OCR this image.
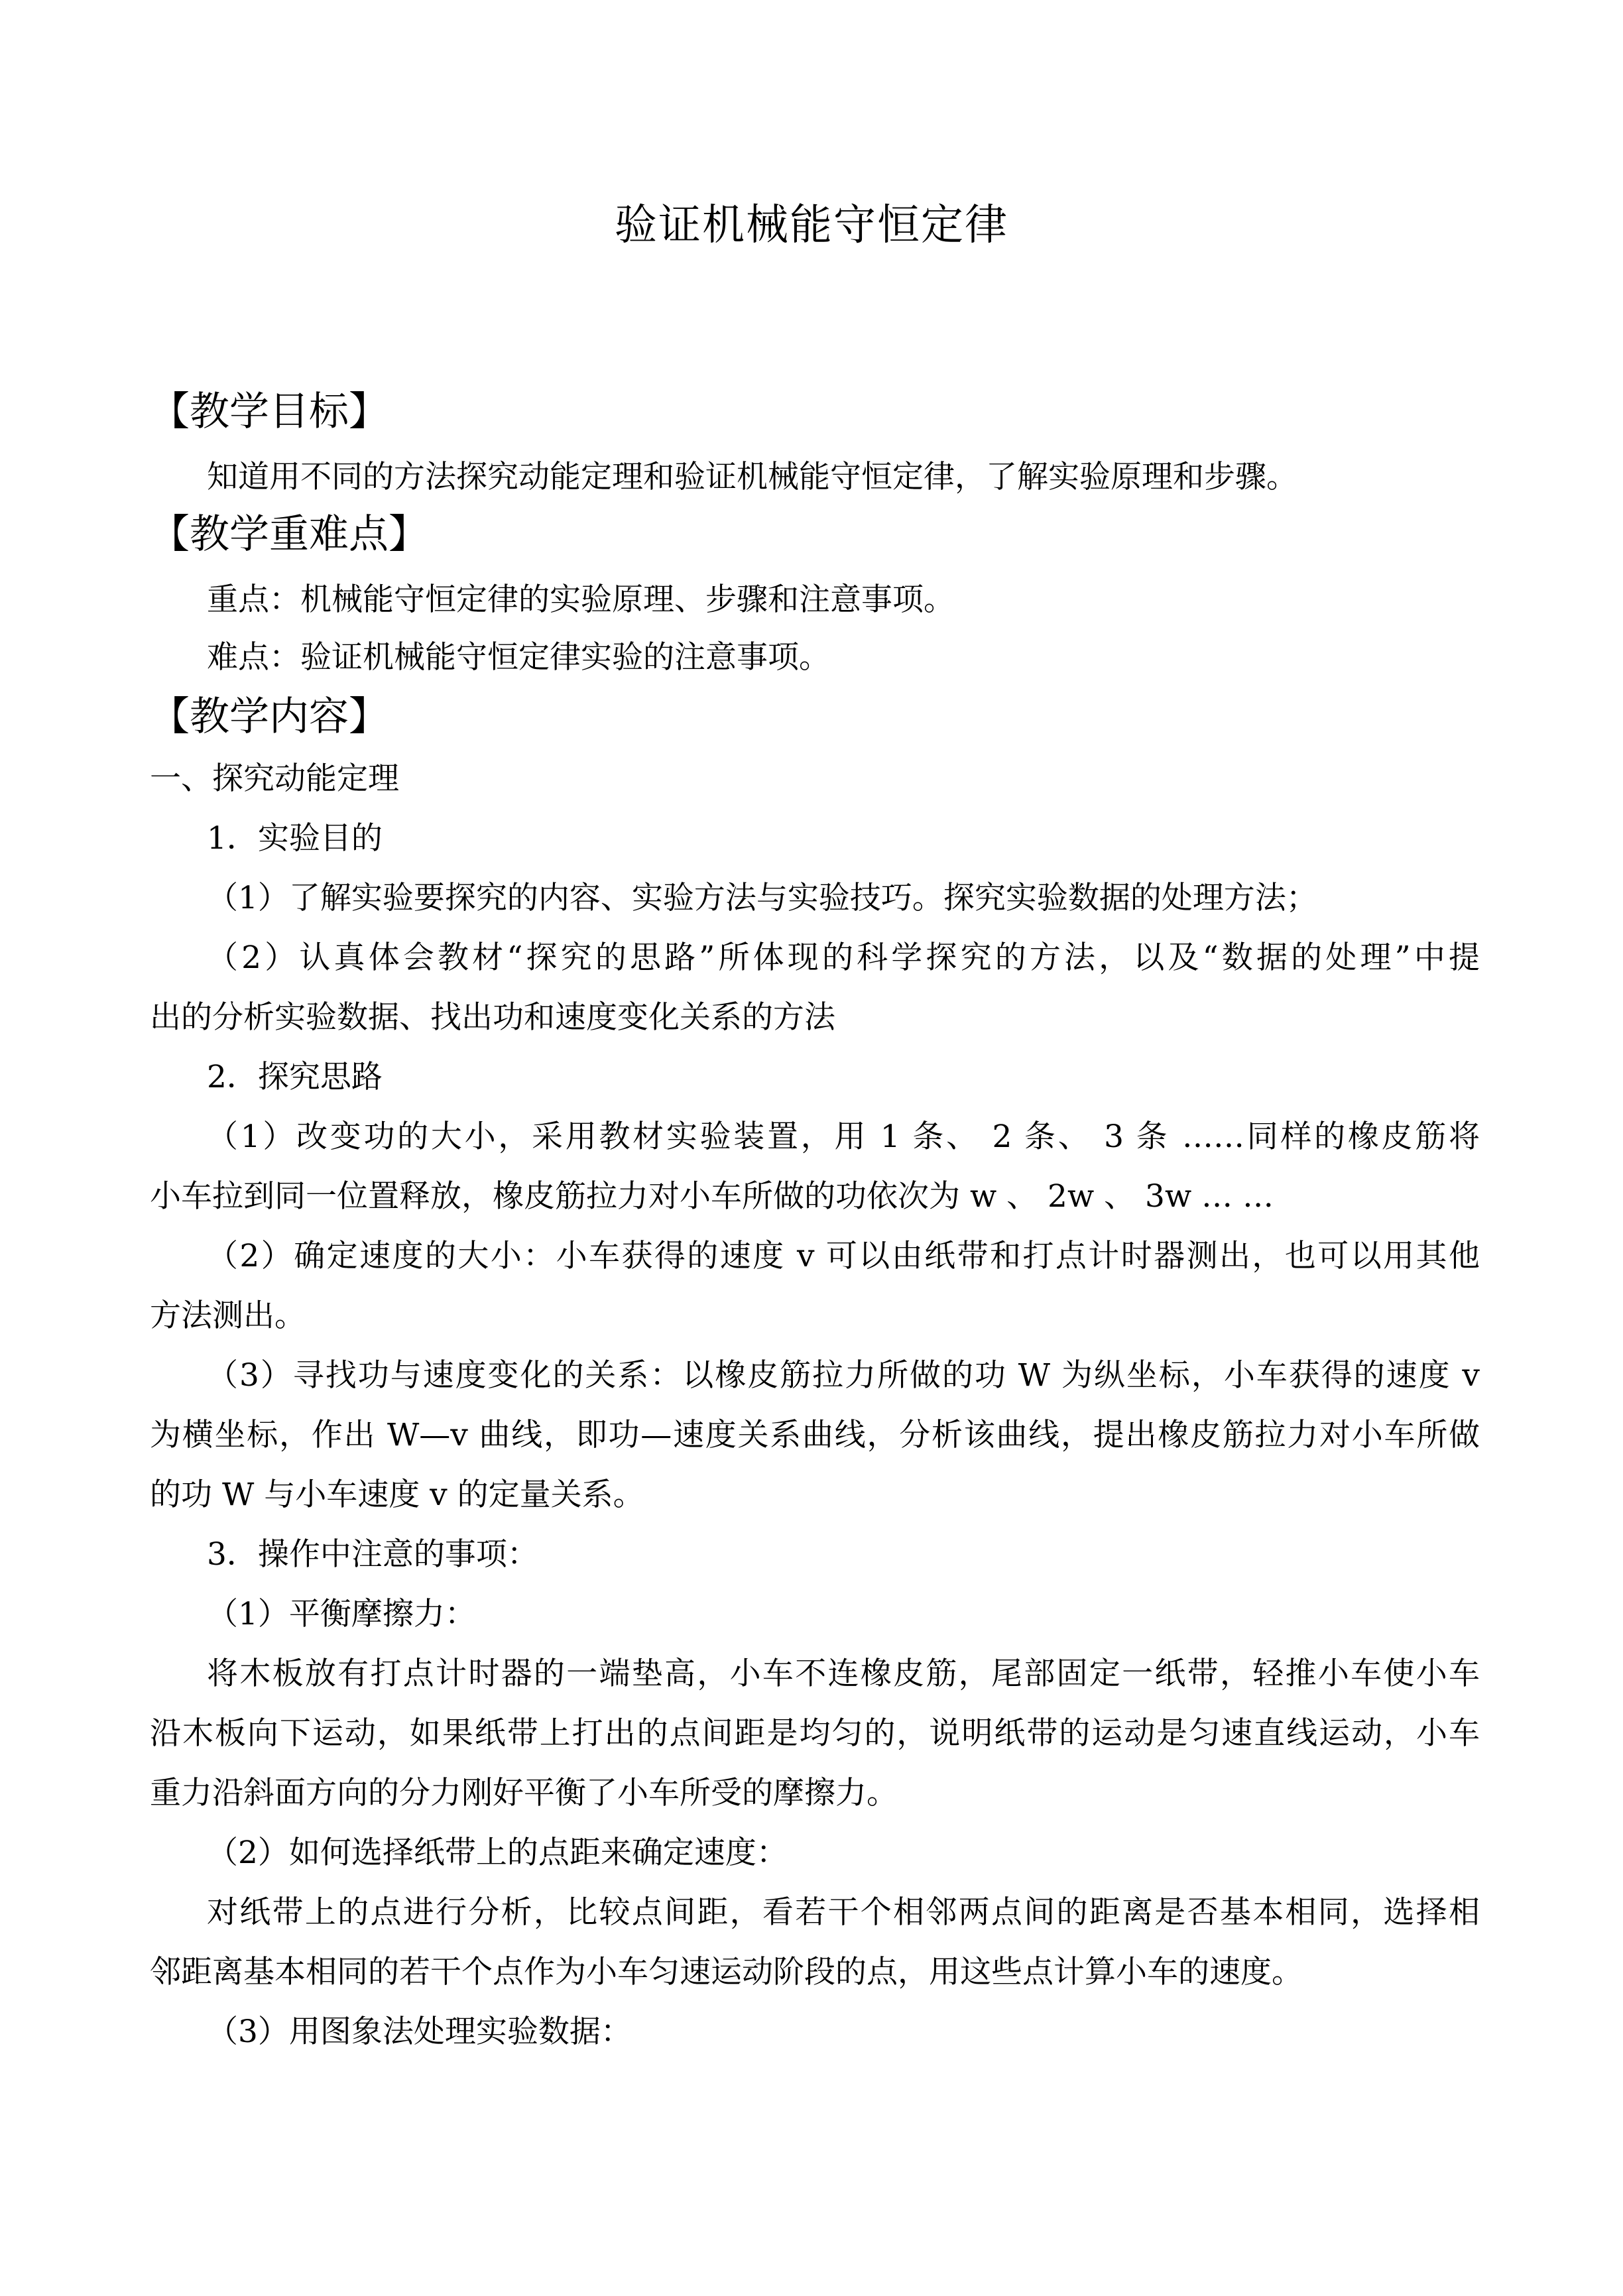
验证机械能守恒定律
【教学目标】
知道用不同的方法探究动能定理和验证机械能守恒定律，了解实验原理和步骤。
【教学重难点】
重点：机械能守恒定律的实验原理、步骤和注意事项。
难点：验证机械能守恒定律实验的注意事项。
【教学内容】
一、探究动能定理
1．实验目的
（1）了解实验要探究的内容、实验方法与实验技巧。探究实验数据的处理方法；
（2）认真体会教材“探究的思路”所体现的科学探究的方法，以及“数据的处理”中提
出的分析实验数据、找出功和速度变化关系的方法
2．探究思路
（1）改变功的大小，采用教材实验装置，用 1 条、 2 条、 3 条 ……同样的橡皮筋将
小车拉到同一位置释放，橡皮筋拉力对小车所做的功依次为 w 、 2w 、 3w … …
（2）确定速度的大小：小车获得的速度 v 可以由纸带和打点计时器测出，也可以用其他
方法测出。
（3）寻找功与速度变化的关系：以橡皮筋拉力所做的功 W 为纵坐标，小车获得的速度 v
为横坐标，作出 W—v 曲线，即功—速度关系曲线，分析该曲线，提出橡皮筋拉力对小车所做
的功 W 与小车速度 v 的定量关系。
3．操作中注意的事项：
（1）平衡摩擦力：
将木板放有打点计时器的一端垫高，小车不连橡皮筋，尾部固定一纸带，轻推小车使小车
沿木板向下运动，如果纸带上打出的点间距是均匀的，说明纸带的运动是匀速直线运动，小车
重力沿斜面方向的分力刚好平衡了小车所受的摩擦力。
（2）如何选择纸带上的点距来确定速度：
对纸带上的点进行分析，比较点间距，看若干个相邻两点间的距离是否基本相同，选择相
邻距离基本相同的若干个点作为小车匀速运动阶段的点，用这些点计算小车的速度。
（3）用图象法处理实验数据：
